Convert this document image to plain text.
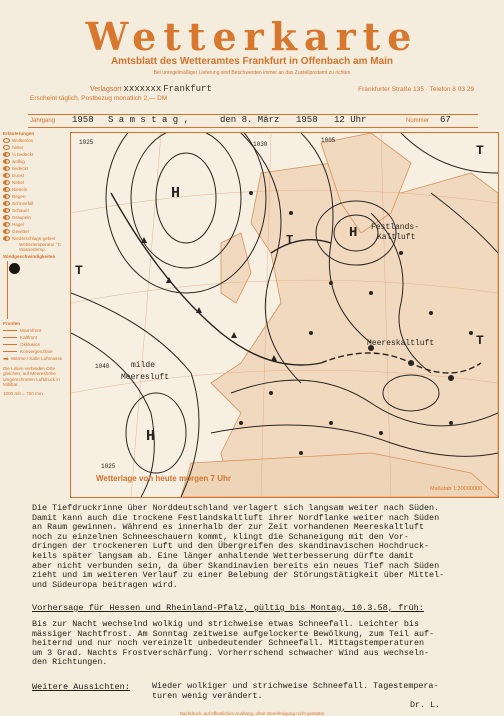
Wetterkarte
Amtsblatt des Wetteramtes Frankfurt in Offenbach am Main
Bei unregelmäßiger Lieferung sind Beschwerden immer an das Zustellpostamt zu richten
Verlagsort xxxxxxx Frankfurt	Frankfurter Straße 135 · Telefon 8 03 29
Erscheint täglich, Postbezug monatlich 2,— DM
Jahrgang 1958 S a m s t a g ,	den 8. März 1958 12 Uhr	Nummer 67
Erläuterungen
Wolkenlos
heiter
½ bedeckt
wolkig
bedeckt
Dunst
Nebel
Nieseln
Regen
Schneefall
Schauer
Graupeln
Hagel
Gewitter
Niederschlags-gebiet
Wettertemperatur °C Wassertemp.
Windgeschwindigkeiten
Fronten
Warmfront
Kaltfront
Okklusion
Konvergenzlinie
➡ Warme / Kalte
Luftmasse
Die Linien verbinden Orte gleichen, auf Meereshöhe umgerechneten Luftdruck in Millibar.
1000 mb = 750 mm
H
H
H
T
T
T
T
Festlands-
Kaltluft
Meereskaltluft
milde
Meeresluft
1025	1030
1005
1040
1025
Wetterlage von heute morgen 7 Uhr
Maßstab 1:30000000
Die Tiefdruckrinne über Norddeutschland verlagert sich langsam weiter nach Süden.
Damit kann auch die trockene Festlandskaltluft ihrer Nordflanke weiter nach Süden
an Raum gewinnen. Während es innerhalb der zur Zeit vorhandenen Meereskaltluft
noch zu einzelnen Schneeschauern kommt, klingt die Schaneigung mit den Vor-
dringen der trockeneren Luft und den Übergreifen des skandinavischen Hochdruck-
keils später langsam ab. Eine länger anhaltende Wetterbesserung dürfte damit
aber nicht verbunden sein, da über Skandinavien bereits ein neues Tief nach Süden
zieht und im weiteren Verlauf zu einer Belebung der Störungstätigkeit über Mittel-
und Südeuropa beitragen wird.
Vorhersage für Hessen und Rheinland-Pfalz, gültig bis Montag, 10.3.58, früh:
Bis zur Nacht wechselnd wolkig und strichweise etwas Schneefall. Leichter bis
mässiger Nachtfrost. Am Sonntag zeitweise aufgelockerte Bewölkung, zum Teil auf-
heiternd und nur noch vereinzelt unbedeutender Schneefall. Mittagstemperaturen
um 3 Grad. Nachts Frostverschärfung. Vorherrschend schwacher Wind aus wechseln-
den Richtungen.
Weitere Aussichten:	Wieder wolkiger und strichweise Schneefall. Tagestempera-
turen wenig verändert.
Dr. L.
Nachdruck, auf öffentlichen Aushang, ohne Genehmigung nicht gestattet
